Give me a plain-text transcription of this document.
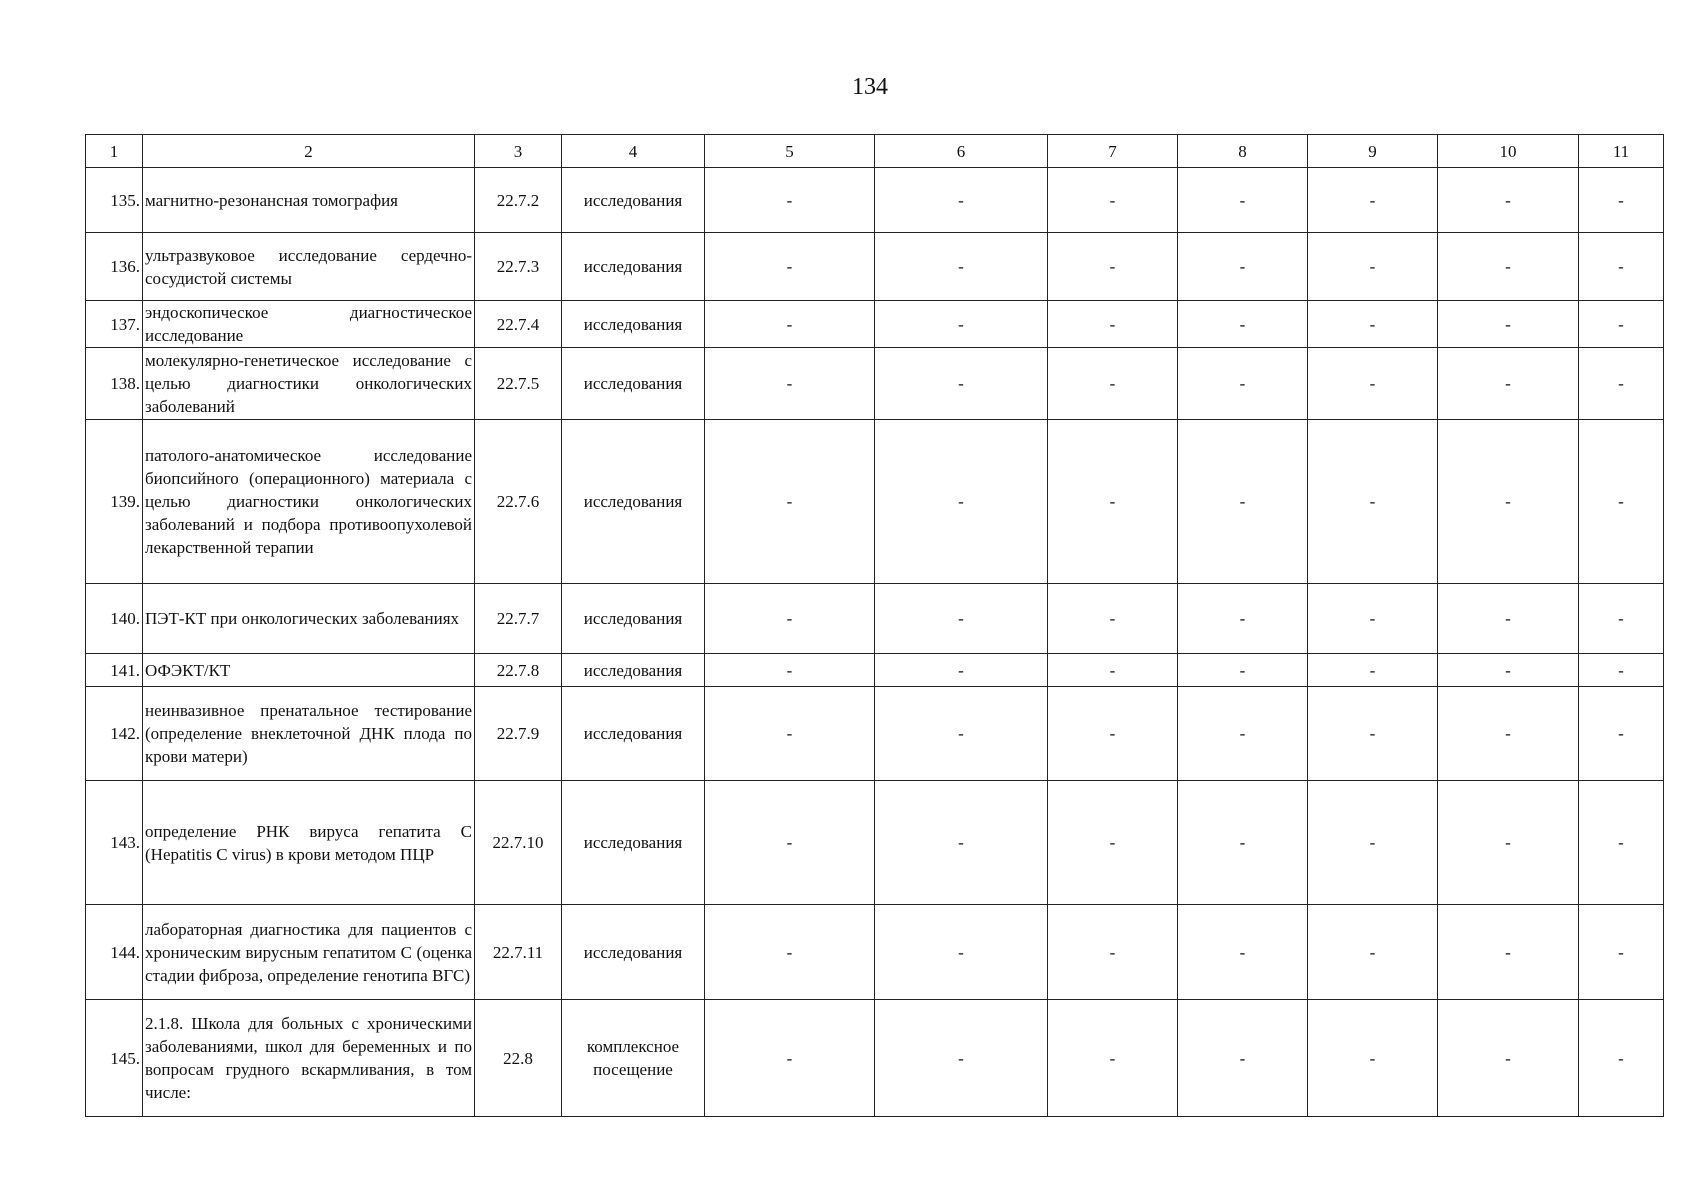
134
1	2	3	4	5	6	7	8	9	10	11
135.	магнитно-резонансная томография	22.7.2	исследования	-	-	-	-	-	-	-
136.	ультразвуковое исследование сердечно-сосудистой системы	22.7.3	исследования	-	-	-	-	-	-	-
137.	эндоскопическое диагностическое исследование	22.7.4	исследования	-	-	-	-	-	-	-
138.	молекулярно-генетическое исследование с целью диагностики онкологических заболеваний	22.7.5	исследования	-	-	-	-	-	-	-
139.	патолого-анатомическое исследование биопсийного (операционного) материала с целью диагностики онкологических заболеваний и подбора противоопухолевой лекарственной терапии	22.7.6	исследования	-	-	-	-	-	-	-
140.	ПЭТ-КТ при онкологических заболеваниях	22.7.7	исследования	-	-	-	-	-	-	-
141.	ОФЭКТ/КТ	22.7.8	исследования	-	-	-	-	-	-	-
142.	неинвазивное пренатальное тестирование (определение внеклеточной ДНК плода по крови матери)	22.7.9	исследования	-	-	-	-	-	-	-
143.	определение РНК вируса гепатита С (Hepatitis C virus) в крови методом ПЦР	22.7.10	исследования	-	-	-	-	-	-	-
144.	лабораторная диагностика для пациентов с хроническим вирусным гепатитом С (оценка стадии фиброза, определение генотипа ВГС)	22.7.11	исследования	-	-	-	-	-	-	-
145.	2.1.8. Школа для больных с хроническими заболеваниями, школ для беременных и по вопросам грудного вскармливания, в том числе:	22.8	комплексное посещение	-	-	-	-	-	-	-
